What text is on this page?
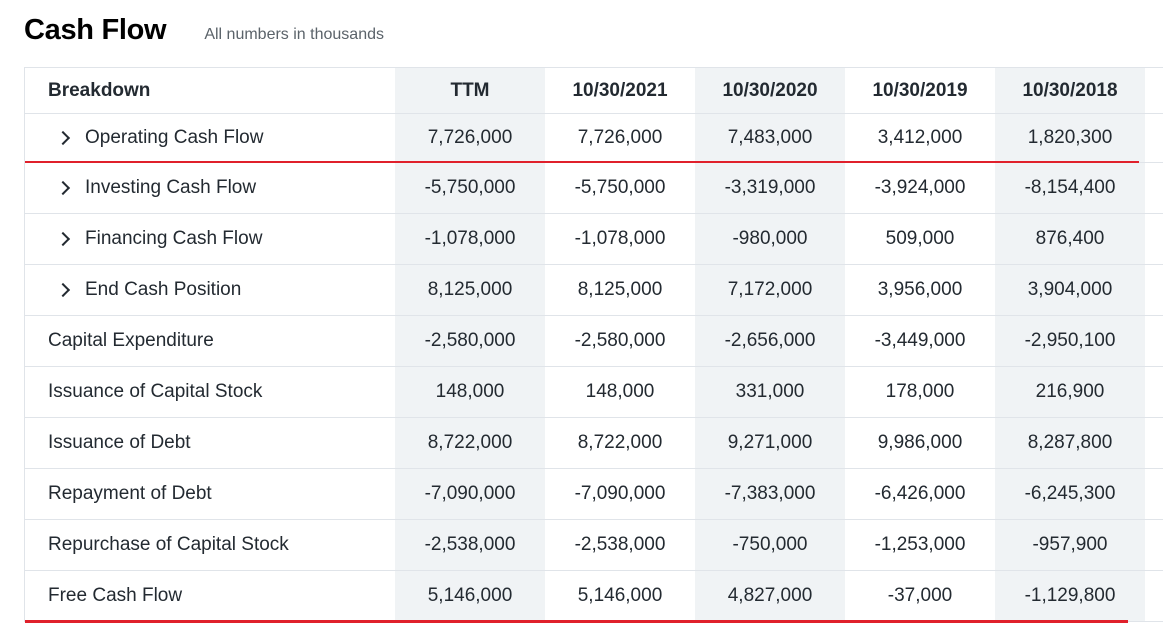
Cash Flow All numbers in thousands
Breakdown	TTM	10/30/2021	10/30/2020	10/30/2019	10/30/2018
Operating Cash Flow	7,726,000	7,726,000	7,483,000	3,412,000	1,820,300
Investing Cash Flow	-5,750,000	-5,750,000	-3,319,000	-3,924,000	-8,154,400
Financing Cash Flow	-1,078,000	-1,078,000	-980,000	509,000	876,400
End Cash Position	8,125,000	8,125,000	7,172,000	3,956,000	3,904,000
Capital Expenditure	-2,580,000	-2,580,000	-2,656,000	-3,449,000	-2,950,100
Issuance of Capital Stock	148,000	148,000	331,000	178,000	216,900
Issuance of Debt	8,722,000	8,722,000	9,271,000	9,986,000	8,287,800
Repayment of Debt	-7,090,000	-7,090,000	-7,383,000	-6,426,000	-6,245,300
Repurchase of Capital Stock	-2,538,000	-2,538,000	-750,000	-1,253,000	-957,900
Free Cash Flow	5,146,000	5,146,000	4,827,000	-37,000	-1,129,800
